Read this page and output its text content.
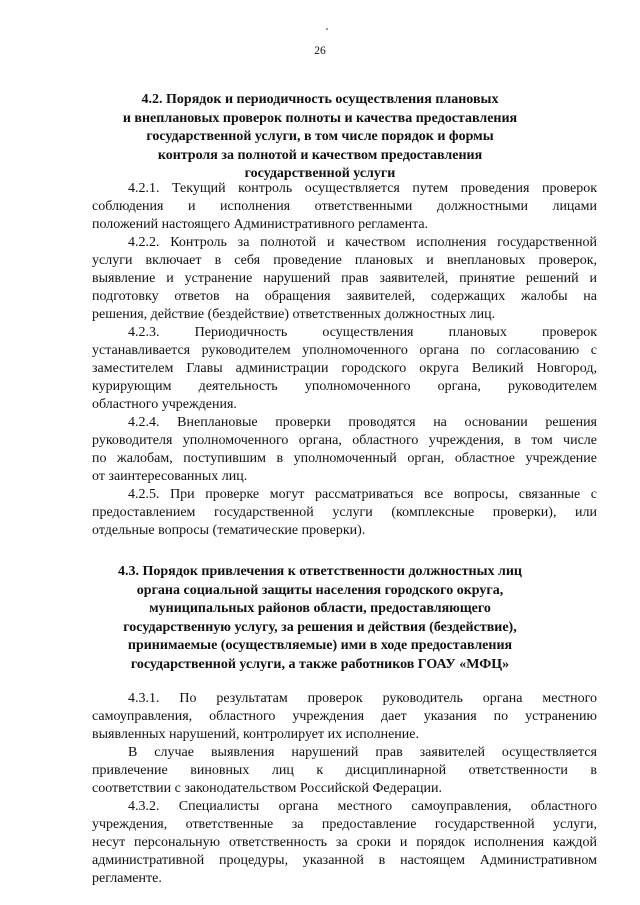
26
4.2. Порядок и периодичность осуществления плановых
и внеплановых проверок полноты и качества предоставления
государственной услуги, в том числе порядок и формы
контроля за полнотой и качеством предоставления
государственной услуги
4.2.1. Текущий контроль осуществляется путем проведения проверок
соблюдения и исполнения ответственными должностными лицами
положений настоящего Административного регламента.
4.2.2. Контроль за полнотой и качеством исполнения государственной
услуги включает в себя проведение плановых и внеплановых проверок,
выявление и устранение нарушений прав заявителей, принятие решений и
подготовку ответов на обращения заявителей, содержащих жалобы на
решения, действие (бездействие) ответственных должностных лиц.
4.2.3. Периодичность осуществления плановых проверок
устанавливается руководителем уполномоченного органа по согласованию с
заместителем Главы администрации городского округа Великий Новгород,
курирующим деятельность уполномоченного органа, руководителем
областного учреждения.
4.2.4. Внеплановые проверки проводятся на основании решения
руководителя уполномоченного органа, областного учреждения, в том числе
по жалобам, поступившим в уполномоченный орган, областное учреждение
от заинтересованных лиц.
4.2.5. При проверке могут рассматриваться все вопросы, связанные с
предоставлением государственной услуги (комплексные проверки), или
отдельные вопросы (тематические проверки).
4.3. Порядок привлечения к ответственности должностных лиц
органа социальной защиты населения городского округа,
муниципальных районов области, предоставляющего
государственную услугу, за решения и действия (бездействие),
принимаемые (осуществляемые) ими в ходе предоставления
государственной услуги, а также работников ГОАУ «МФЦ»
4.3.1. По результатам проверок руководитель органа местного
самоуправления, областного учреждения дает указания по устранению
выявленных нарушений, контролирует их исполнение.
В случае выявления нарушений прав заявителей осуществляется
привлечение виновных лиц к дисциплинарной ответственности в
соответствии с законодательством Российской Федерации.
4.3.2. Специалисты органа местного самоуправления, областного
учреждения, ответственные за предоставление государственной услуги,
несут персональную ответственность за сроки и порядок исполнения каждой
административной процедуры, указанной в настоящем Административном
регламенте.
